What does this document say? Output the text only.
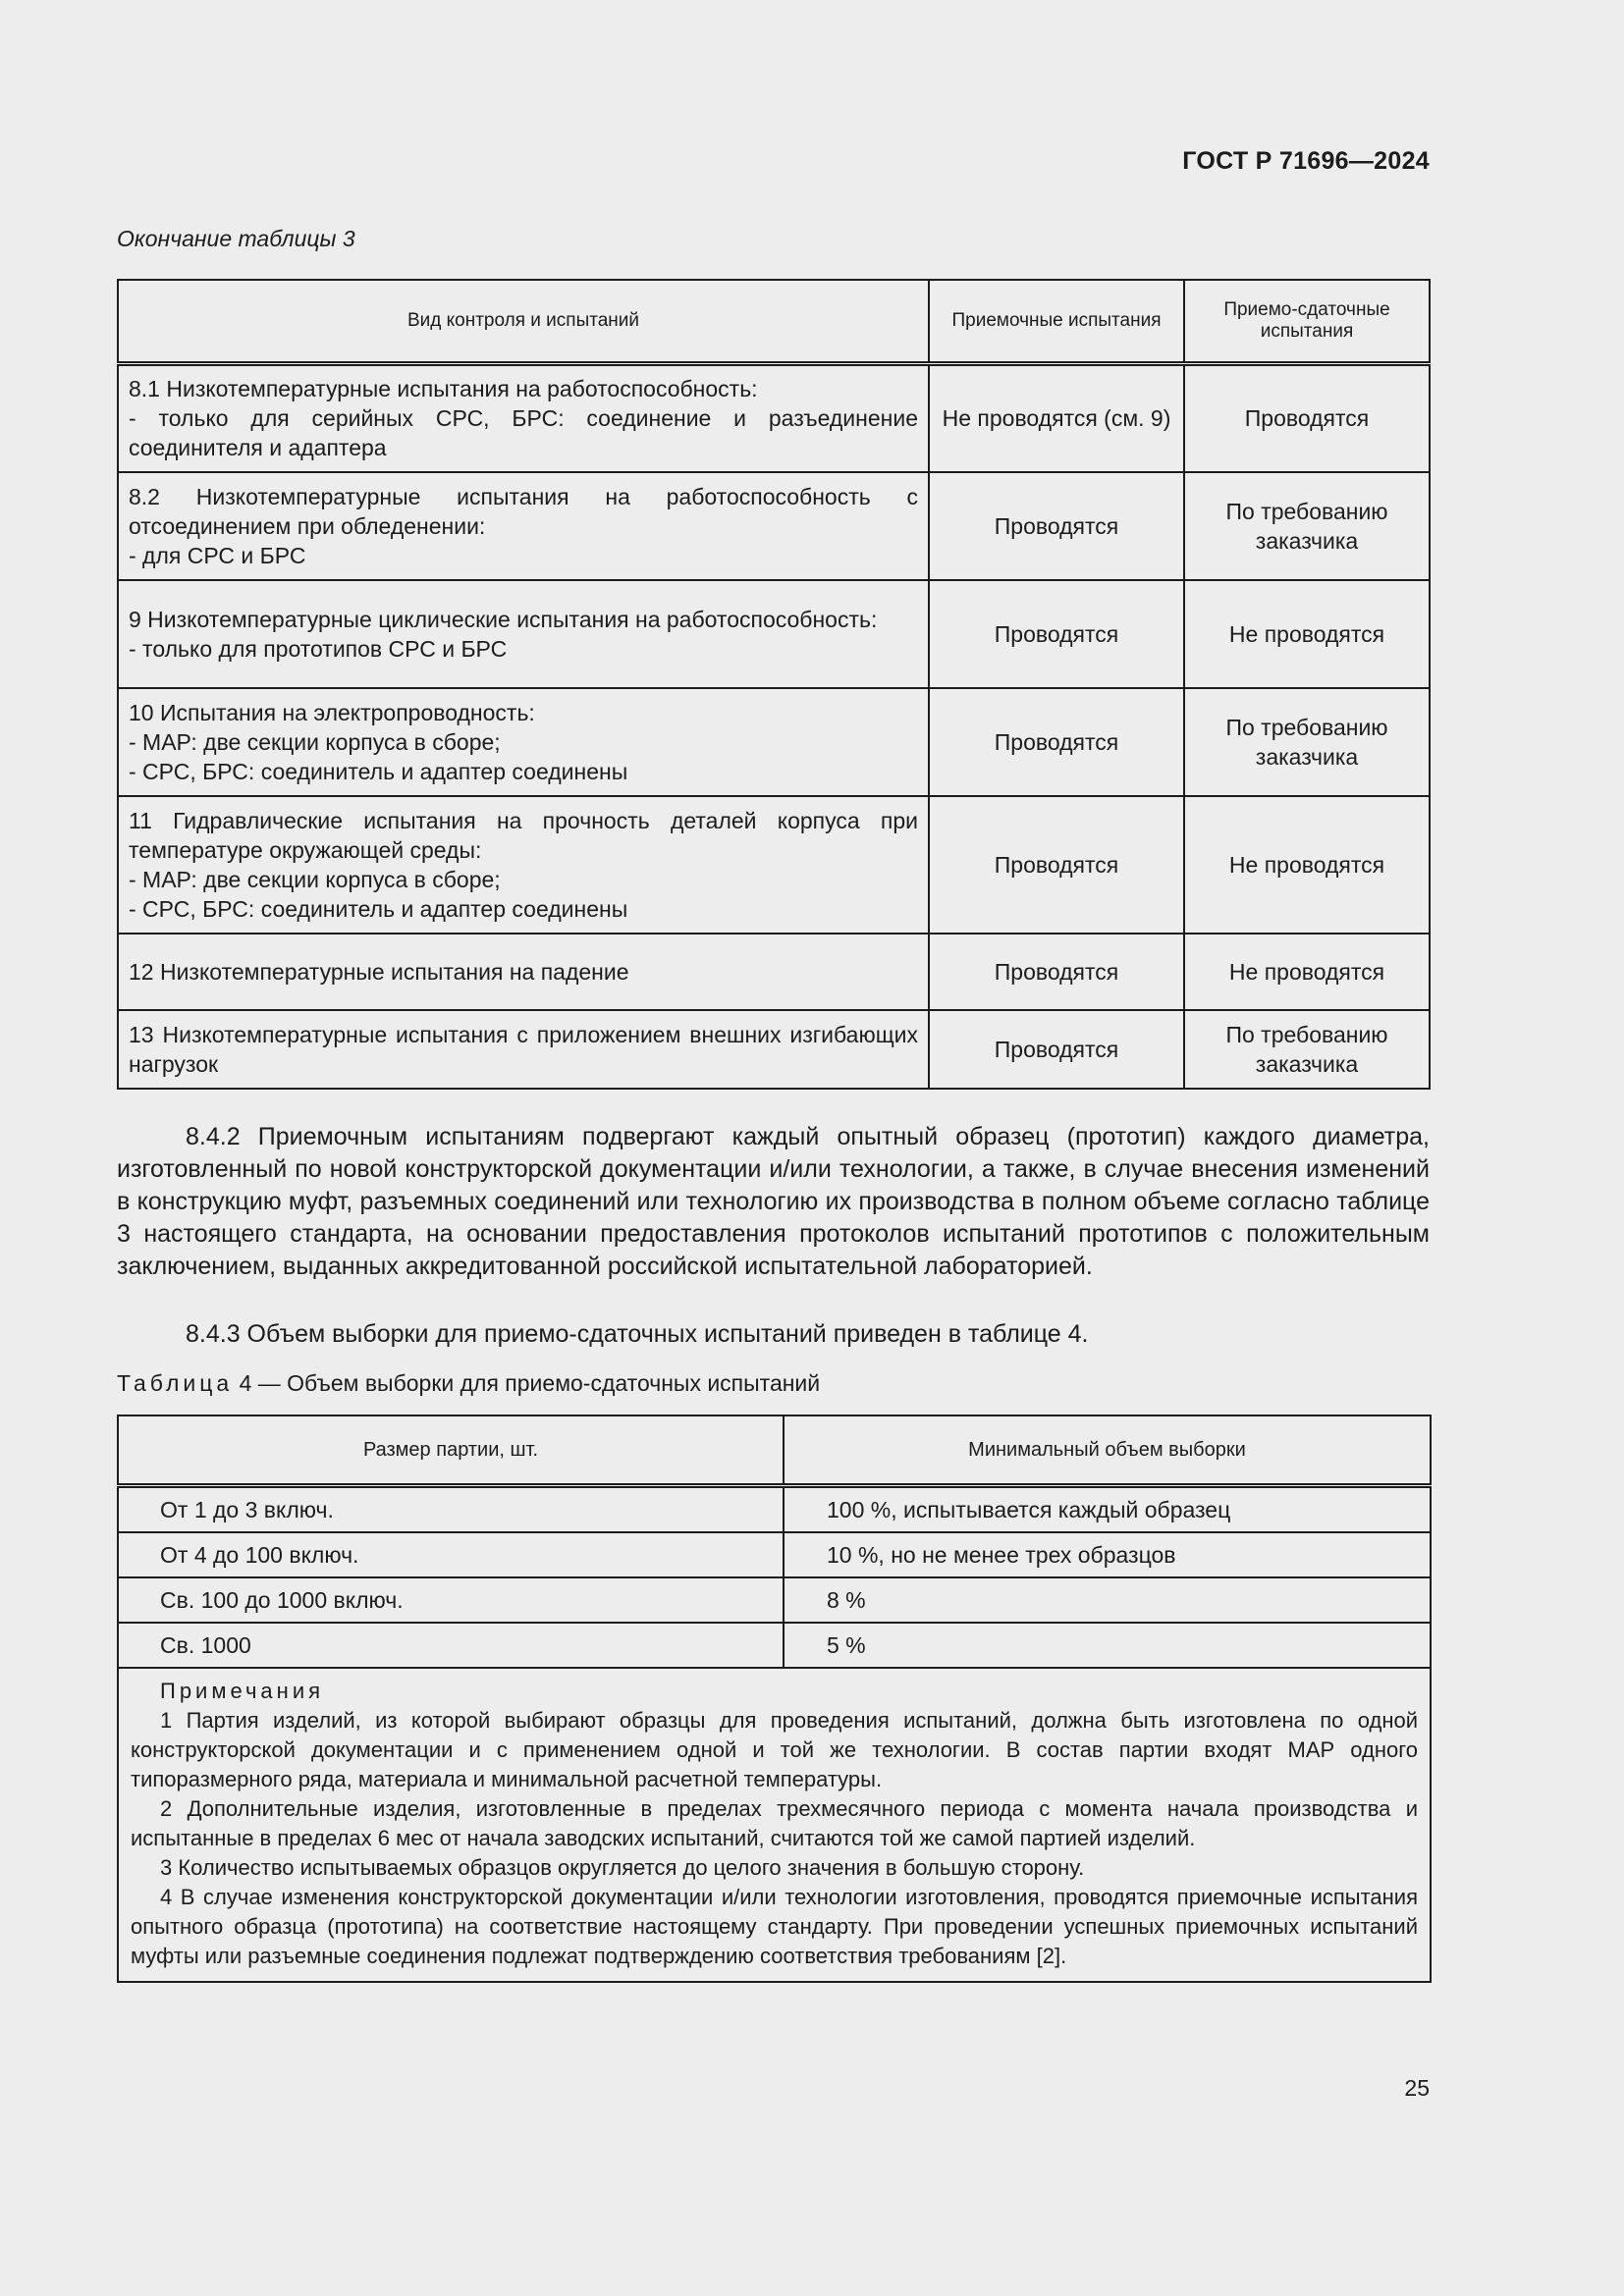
ГОСТ Р 71696—2024
Окончание таблицы 3
Вид контроля и испытаний	Приемочные испытания	Приемо-сдаточные испытания

8.1 Низкотемпературные испытания на работоспособность:
- только для серийных СРС, БРС: соединение и разъединение соединителя и адаптера	Не проводятся (см. 9)	Проводятся

8.2 Низкотемпературные испытания на работоспособность с отсоединением при обледенении:
- для СРС и БРС	Проводятся	По требованию заказчика

9 Низкотемпературные циклические испытания на работоспособность:
- только для прототипов СРС и БРС	Проводятся	Не проводятся

10 Испытания на электропроводность:
- МАР: две секции корпуса в сборе;
- СРС, БРС: соединитель и адаптер соединены	Проводятся	По требованию заказчика

11 Гидравлические испытания на прочность деталей корпуса при температуре окружающей среды:
- МАР: две секции корпуса в сборе;
- СРС, БРС: соединитель и адаптер соединены	Проводятся	Не проводятся

12 Низкотемпературные испытания на падение	Проводятся	Не проводятся

13 Низкотемпературные испытания с приложением внешних изгибающих нагрузок	Проводятся	По требованию заказчика
8.4.2 Приемочным испытаниям подвергают каждый опытный образец (прототип) каждого диаметра, изготовленный по новой конструкторской документации и/или технологии, а также, в случае внесения изменений в конструкцию муфт, разъемных соединений или технологию их производства в полном объеме согласно таблице 3 настоящего стандарта, на основании предоставления протоколов испытаний прототипов с положительным заключением, выданных аккредитованной российской испытательной лабораторией.
8.4.3 Объем выборки для приемо-сдаточных испытаний приведен в таблице 4.
Таблица 4 — Объем выборки для приемо-сдаточных испытаний
Размер партии, шт.	Минимальный объем выборки
От 1 до 3 включ.	100 %, испытывается каждый образец
От 4 до 100 включ.	10 %, но не менее трех образцов
Св. 100 до 1000 включ.	8 %
Св. 1000	5 %

Примечания
1 Партия изделий, из которой выбирают образцы для проведения испытаний, должна быть изготовлена по одной конструкторской документации и с применением одной и той же технологии. В состав партии входят МАР одного типоразмерного ряда, материала и минимальной расчетной температуры.
2 Дополнительные изделия, изготовленные в пределах трехмесячного периода с момента начала производства и испытанные в пределах 6 мес от начала заводских испытаний, считаются той же самой партией изделий.
3 Количество испытываемых образцов округляется до целого значения в большую сторону.
4 В случае изменения конструкторской документации и/или технологии изготовления, проводятся приемочные испытания опытного образца (прототипа) на соответствие настоящему стандарту. При проведении успешных приемочных испытаний муфты или разъемные соединения подлежат подтверждению соответствия требованиям [2].	
25
